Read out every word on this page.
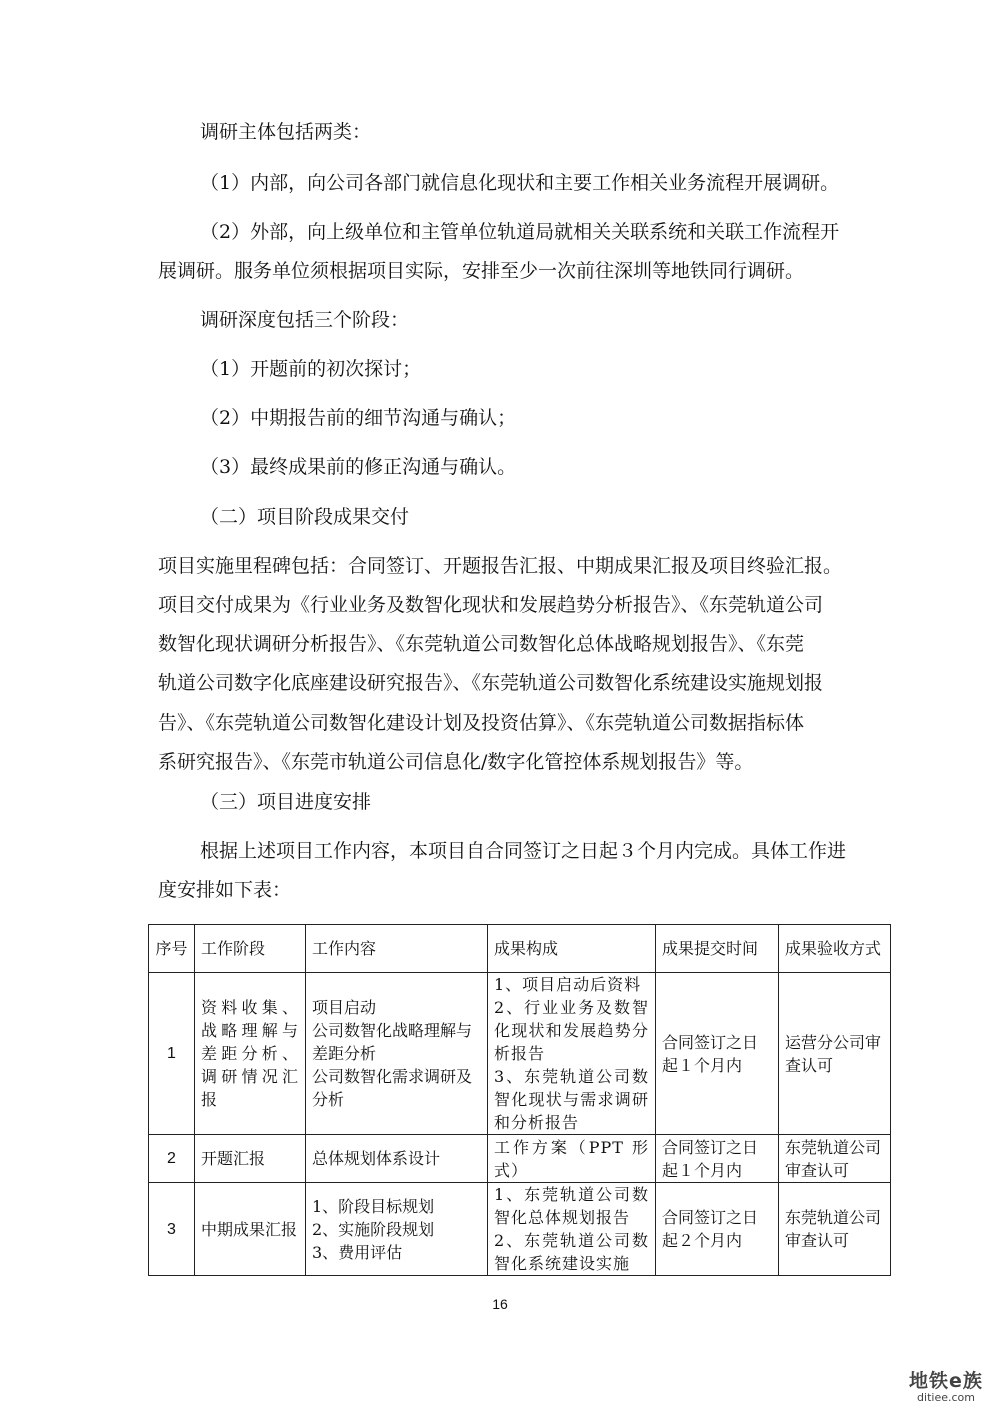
调研主体包括两类：
（1）内部，向公司各部门就信息化现状和主要工作相关业务流程开展调研。
（2）外部，向上级单位和主管单位轨道局就相关关联系统和关联工作流程开
展调研。服务单位须根据项目实际，安排至少一次前往深圳等地铁同行调研。
调研深度包括三个阶段：
（1）开题前的初次探讨；
（2）中期报告前的细节沟通与确认；
（3）最终成果前的修正沟通与确认。
（二）项目阶段成果交付
项目实施里程碑包括：合同签订、开题报告汇报、中期成果汇报及项目终验汇报。
项目交付成果为《行业业务及数智化现状和发展趋势分析报告》、《东莞轨道公司
数智化现状调研分析报告》、《东莞轨道公司数智化总体战略规划报告》、《东莞
轨道公司数字化底座建设研究报告》、《东莞轨道公司数智化系统建设实施规划报
告》、《东莞轨道公司数智化建设计划及投资估算》、《东莞轨道公司数据指标体
系研究报告》、《东莞市轨道公司信息化/数字化管控体系规划报告》等。
（三）项目进度安排
根据上述项目工作内容，本项目自合同签订之日起３个月内完成。具体工作进
度安排如下表：
序号	工作阶段	工作内容	成果构成	成果提交时间	成果验收方式
1	资料收集、战略理解与差距分析、调研情况汇报	项目启动
公司数智化战略理解与差距分析
公司数智化需求调研及分析	1、项目启动后资料
2、行业业务及数智化现状和发展趋势分析报告
3、东莞轨道公司数智化现状与需求调研和分析报告	合同签订之日起１个月内	运营分公司审查认可
2	开题汇报	总体规划体系设计	工作方案（PPT 形式）	合同签订之日起１个月内	东莞轨道公司审查认可
3	中期成果汇报	1、阶段目标规划
2、实施阶段规划
3、费用评估	1、东莞轨道公司数智化总体规划报告
2、东莞轨道公司数智化系统建设实施	合同签订之日起２个月内	东莞轨道公司审查认可
16
地铁e族
ditiee.com
